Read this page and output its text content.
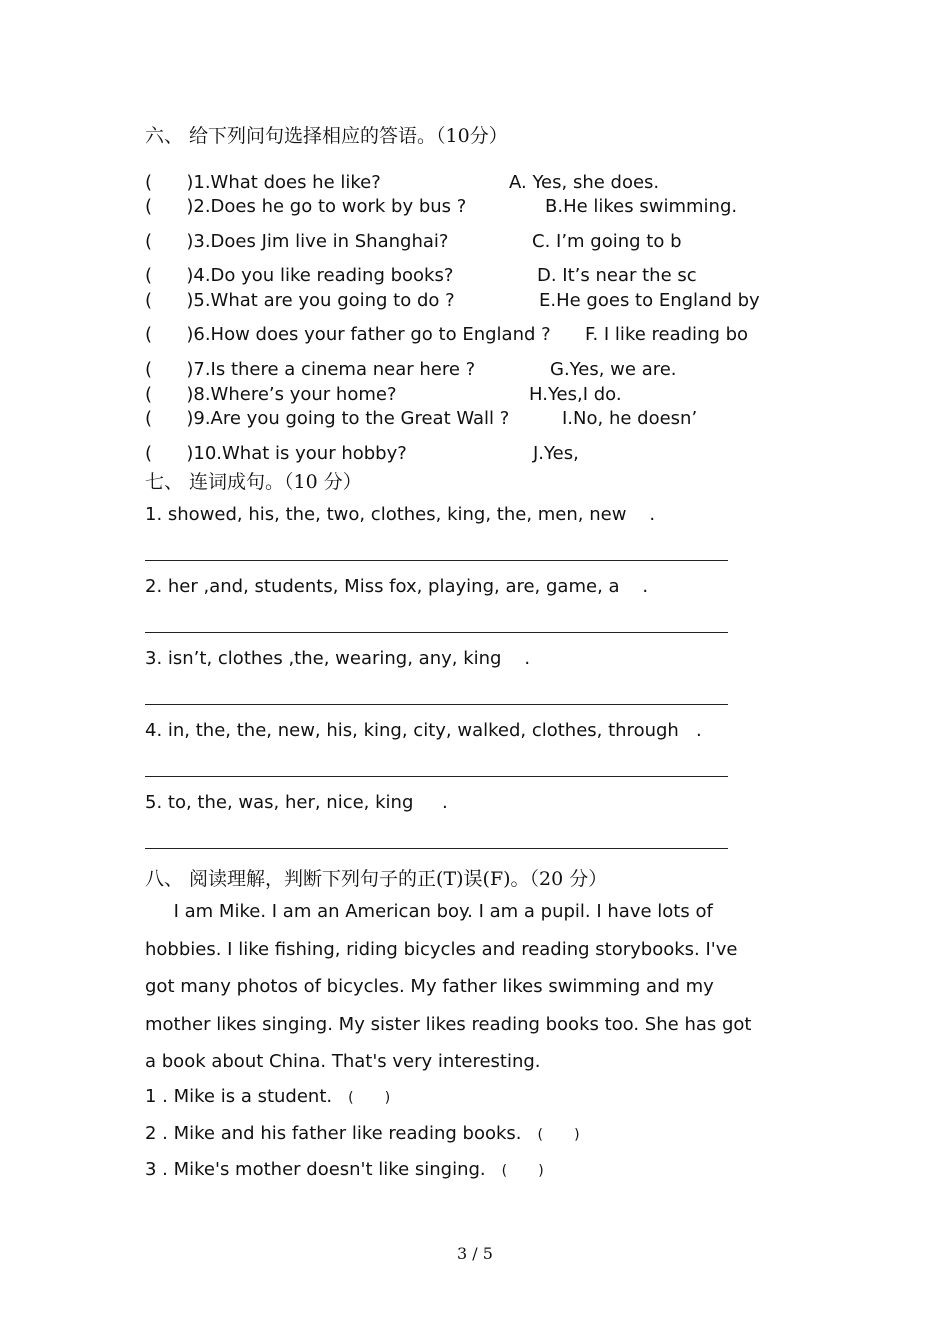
六、 给下列问句选择相应的答语。（10分）
(      )1.What does he like?	A. Yes, she does.
(      )2.Does he go to work by bus ?	B.He likes swimming.
(      )3.Does Jim live in Shanghai?	C. I’m going to b
(      )4.Do you like reading books?	D. It’s near the sc
(      )5.What are you going to do ?	E.He goes to England by
(      )6.How does your father go to England ? F. I like reading bo
(      )7.Is there a cinema near here ?	G.Yes, we are.
(      )8.Where’s your home?	H.Yes,I do.
(      )9.Are you going to the Great Wall ?	I.No, he doesn’
(      )10.What is your hobby?	J.Yes,
七、 连词成句。（10 分）
1. showed, his, the, two, clothes, king, the, men, new    .
2. her ,and, students, Miss fox, playing, are, game, a    .
3. isn’t, clothes ,the, wearing, any, king    .
4. in, the, the, new, his, king, city, walked, clothes, through   .
5. to, the, was, her, nice, king     .
八、 阅读理解，判断下列句子的正(T)误(F)。（20 分）
I am Mike. I am an American boy. I am a pupil. I have lots of
hobbies. I like fishing, riding bicycles and reading storybooks. I've
got many photos of bicycles. My father likes swimming and my
mother likes singing. My sister likes reading books too. She has got
a book about China. That's very interesting.
1 . Mike is a student. (       )
2 . Mike and his father like reading books. (       )
3 . Mike's mother doesn't like singing. (       )
3 / 5
